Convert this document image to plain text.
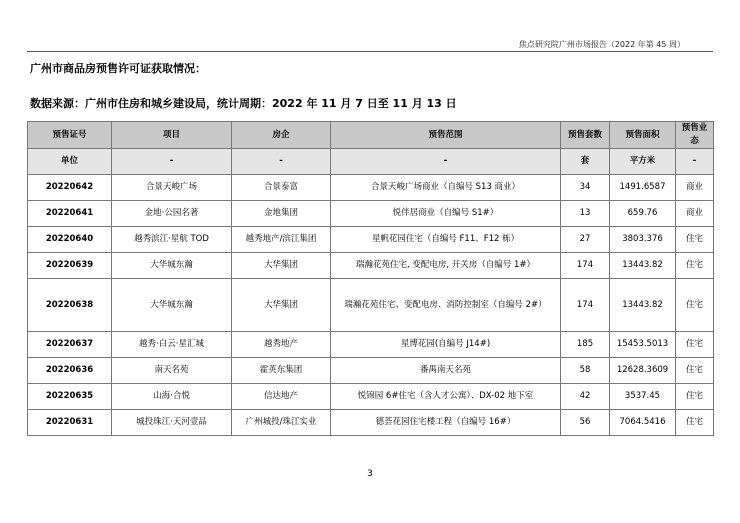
焦点研究院广州市场报告（2022 年第 45 周）
广州市商品房预售许可证获取情况：
数据来源：广州市住房和城乡建设局，统计周期：2022 年 11 月 7 日至 11 月 13 日
预售证号	项目	房企	预售范围	预售套数	预售面积	预售业态
单位	-	-	-	套	平方米	-
20220642	合景天峻广场	合景泰富	合景天峻广场商业（自编号 S13 商业）	34	1491.6587	商业
20220641	金地·公园名著	金地集团	悦伴居商业（自编号 S1#）	13	659.76	商业
20220640	越秀滨江·星航 TOD	越秀地产/滨江集团	星帆花园住宅（自编号 F11、F12 栋）	27	3803.376	住宅
20220639	大华城东瀚	大华集团	瑞瀚花苑住宅, 变配电房, 开关房（自编号 1#）	174	13443.82	住宅
20220638	大华城东瀚	大华集团	瑞瀚花苑住宅、变配电房、消防控制室（自编号 2#）	174	13443.82	住宅
20220637	越秀·白云·星汇城	越秀地产	星博花园(自编号 J14#)	185	15453.5013	住宅
20220636	南天名苑	霍英东集团	番禺南天名苑	58	12628.3609	住宅
20220635	山海·合悦	信达地产	悦锦园 6#住宅（含人才公寓）、DX-02 地下室	42	3537.45	住宅
20220631	城投珠江·天河壹品	广州城投/珠江实业	德荟花园住宅楼工程（自编号 16#）	56	7064.5416	住宅
3
